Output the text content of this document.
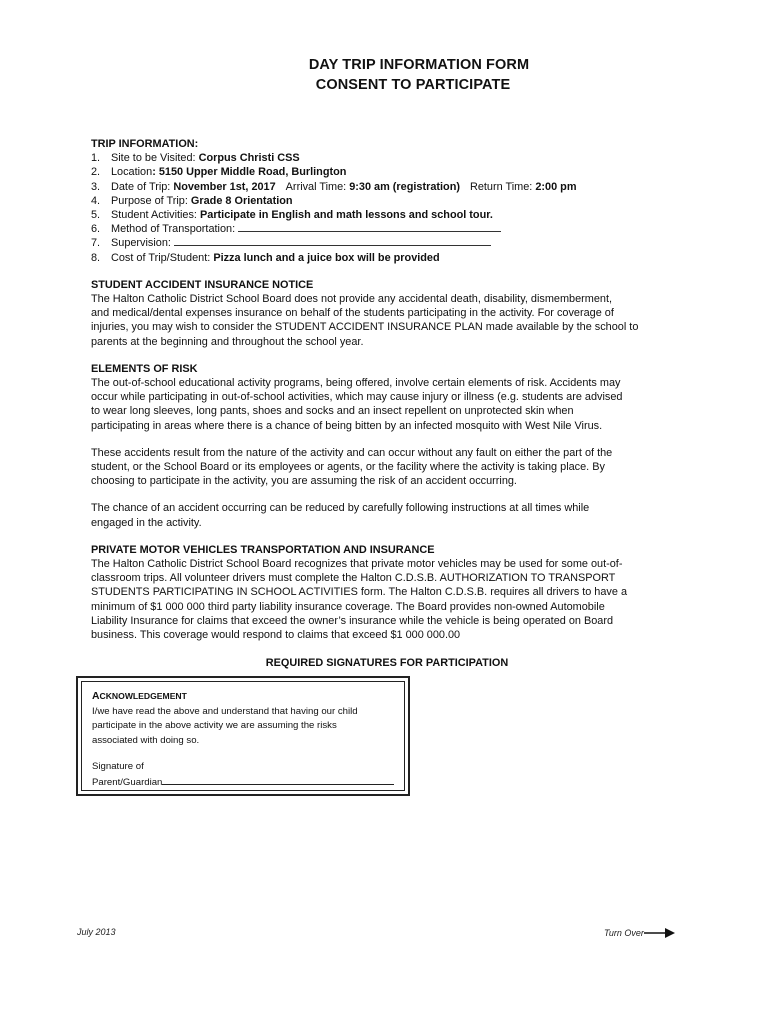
DAY TRIP INFORMATION FORM
CONSENT TO PARTICIPATE

TRIP INFORMATION:

1. Site to be Visited: Corpus Christi CSS
2. Location: 5150 Upper Middle Road, Burlington
3. Date of Trip: November 1st, 2017 Arrival Time: 9:30 am (registration) Return Time: 2:00 pm
4. Purpose of Trip: Grade 8 Orientation
5. Student Activities: Participate in English and math lessons and school tour.
6. Method of Transportation:
7. Supervision:
8. Cost of Trip/Student: Pizza lunch and a juice box will be provided

STUDENT ACCIDENT INSURANCE NOTICE

The Halton Catholic District School Board does not provide any accidental death, disability, dismemberment,
and medical/dental expenses insurance on behalf of the students participating in the activity. For coverage of
injuries, you may wish to consider the STUDENT ACCIDENT INSURANCE PLAN made available by the school to
parents at the beginning and throughout the school year.

ELEMENTS OF RISK

The out-of-school educational activity programs, being offered, involve certain elements of risk. Accidents may
occur while participating in out-of-school activities, which may cause injury or illness (e.g. students are advised
to wear long sleeves, long pants, shoes and socks and an insect repellent on unprotected skin when
participating in areas where there is a chance of being bitten by an infected mosquito with West Nile Virus.
These accidents result from the nature of the activity and can occur without any fault on either the part of the
student, or the School Board or its employees or agents, or the facility where the activity is taking place. By
choosing to participate in the activity, you are assuming the risk of an accident occurring.
The chance of an accident occurring can be reduced by carefully following instructions at all times while
engaged in the activity.

PRIVATE MOTOR VEHICLES TRANSPORTATION AND INSURANCE

The Halton Catholic District School Board recognizes that private motor vehicles may be used for some out-of-
classroom trips. All volunteer drivers must complete the Halton C.D.S.B. AUTHORIZATION TO TRANSPORT
STUDENTS PARTICIPATING IN SCHOOL ACTIVITIES form. The Halton C.D.S.B. requires all drivers to have a
minimum of $1 000 000 third party liability insurance coverage. The Board provides non-owned Automobile
Liability Insurance for claims that exceed the owner’s insurance while the vehicle is being operated on Board
business. This coverage would respond to claims that exceed $1 000 000.00

REQUIRED SIGNATURES FOR PARTICIPATION

ACKNOWLEDGEMENT

I/we have read the above and understand that having our child
participate in the above activity we are assuming the risks
associated with doing so.
Signature of
Parent/Guardian
July 2013	Turn Over
